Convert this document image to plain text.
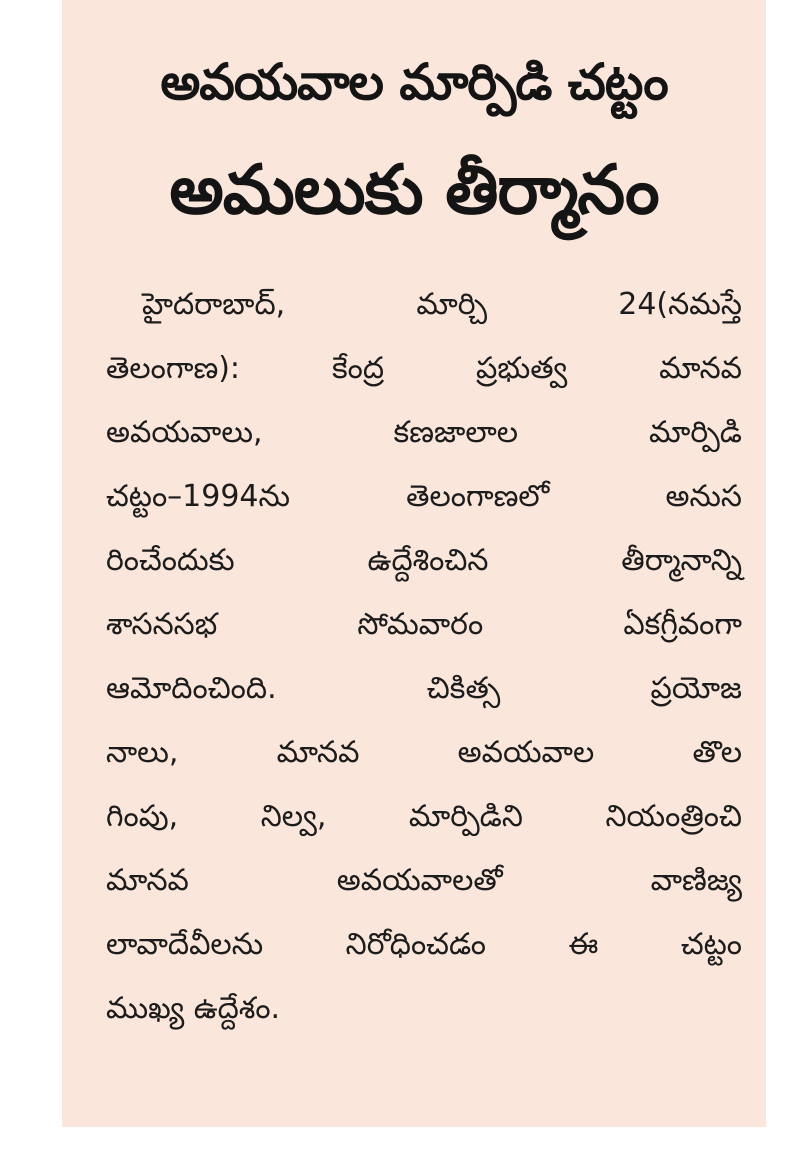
అవయవాల మార్పిడి చట్టం
అమలుకు తీర్మానం

హైదరాబాద్, మార్చి 24(నమస్తే

తెలంగాణ): కేంద్ర ప్రభుత్వ మానవ

అవయవాలు, కణజాలాల మార్పిడి

చట్టం–1994ను తెలంగాణలో అనుస

రించేందుకు ఉద్దేశించిన తీర్మానాన్ని

శాసనసభ సోమవారం ఏకగ్రీవంగా

ఆమోదించింది. చికిత్స ప్రయోజ

నాలు, మానవ అవయవాల తొల

గింపు, నిల్వ, మార్పిడిని నియంత్రించి

మానవ అవయవాలతో వాణిజ్య

లావాదేవీలను నిరోధించడం ఈ చట్టం

ముఖ్య ఉద్దేశం.
